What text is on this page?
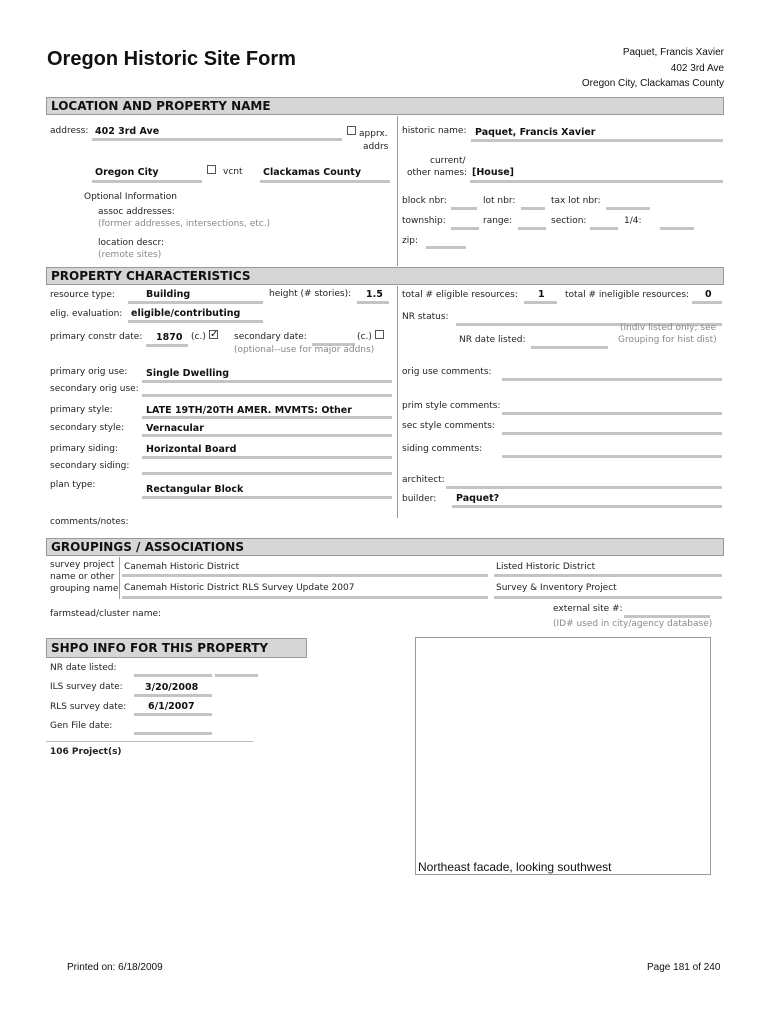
Oregon Historic Site Form	Paquet, Francis Xavier
402 3rd Ave
Oregon City, Clackamas County
LOCATION AND PROPERTY NAME
address: 402 3rd Ave	apprx.
addrs
Oregon City	vcnt Clackamas County
Optional Information
assoc addresses:
(former addresses, intersections, etc.)
location descr:
(remote sites)
historic name: Paquet, Francis Xavier
current/
other names: [House]
block nbr:	lot nbr:	tax lot nbr:
township:	range:	section:	1/4:
zip:
PROPERTY CHARACTERISTICS
resource type:	Building	height (# stories): 1.5 total # eligible resources: 1 total # ineligible resources: 0
elig. evaluation: eligible/contributing	NR status:
primary constr date: 1870 (c.) ✓ secondary date:	(c.)
(optional--use for major addns)
NR date listed:
(indiv listed only; see
Grouping for hist dist)
primary orig use: Single Dwelling
secondary orig use:
orig use comments:
primary style:	LATE 19TH/20TH AMER. MVMTS: Other
secondary style: Vernacular
prim style comments:
sec style comments:
primary siding:	Horizontal Board
secondary siding:
siding comments:
plan type:	Rectangular Block
architect:
builder: Paquet?
comments/notes:
GROUPINGS / ASSOCIATIONS
survey project
name or other
grouping name
Canemah Historic District	Listed Historic District
Canemah Historic District RLS Survey Update 2007	Survey & Inventory Project
farmstead/cluster name:	external site #:
(ID# used in city/agency database)
SHPO INFO FOR THIS PROPERTY
NR date listed:
ILS survey date: 3/20/2008
RLS survey date: 6/1/2007
Gen File date:
106 Project(s)
Northeast facade, looking southwest
Printed on: 6/18/2009	Page 181 of 240
